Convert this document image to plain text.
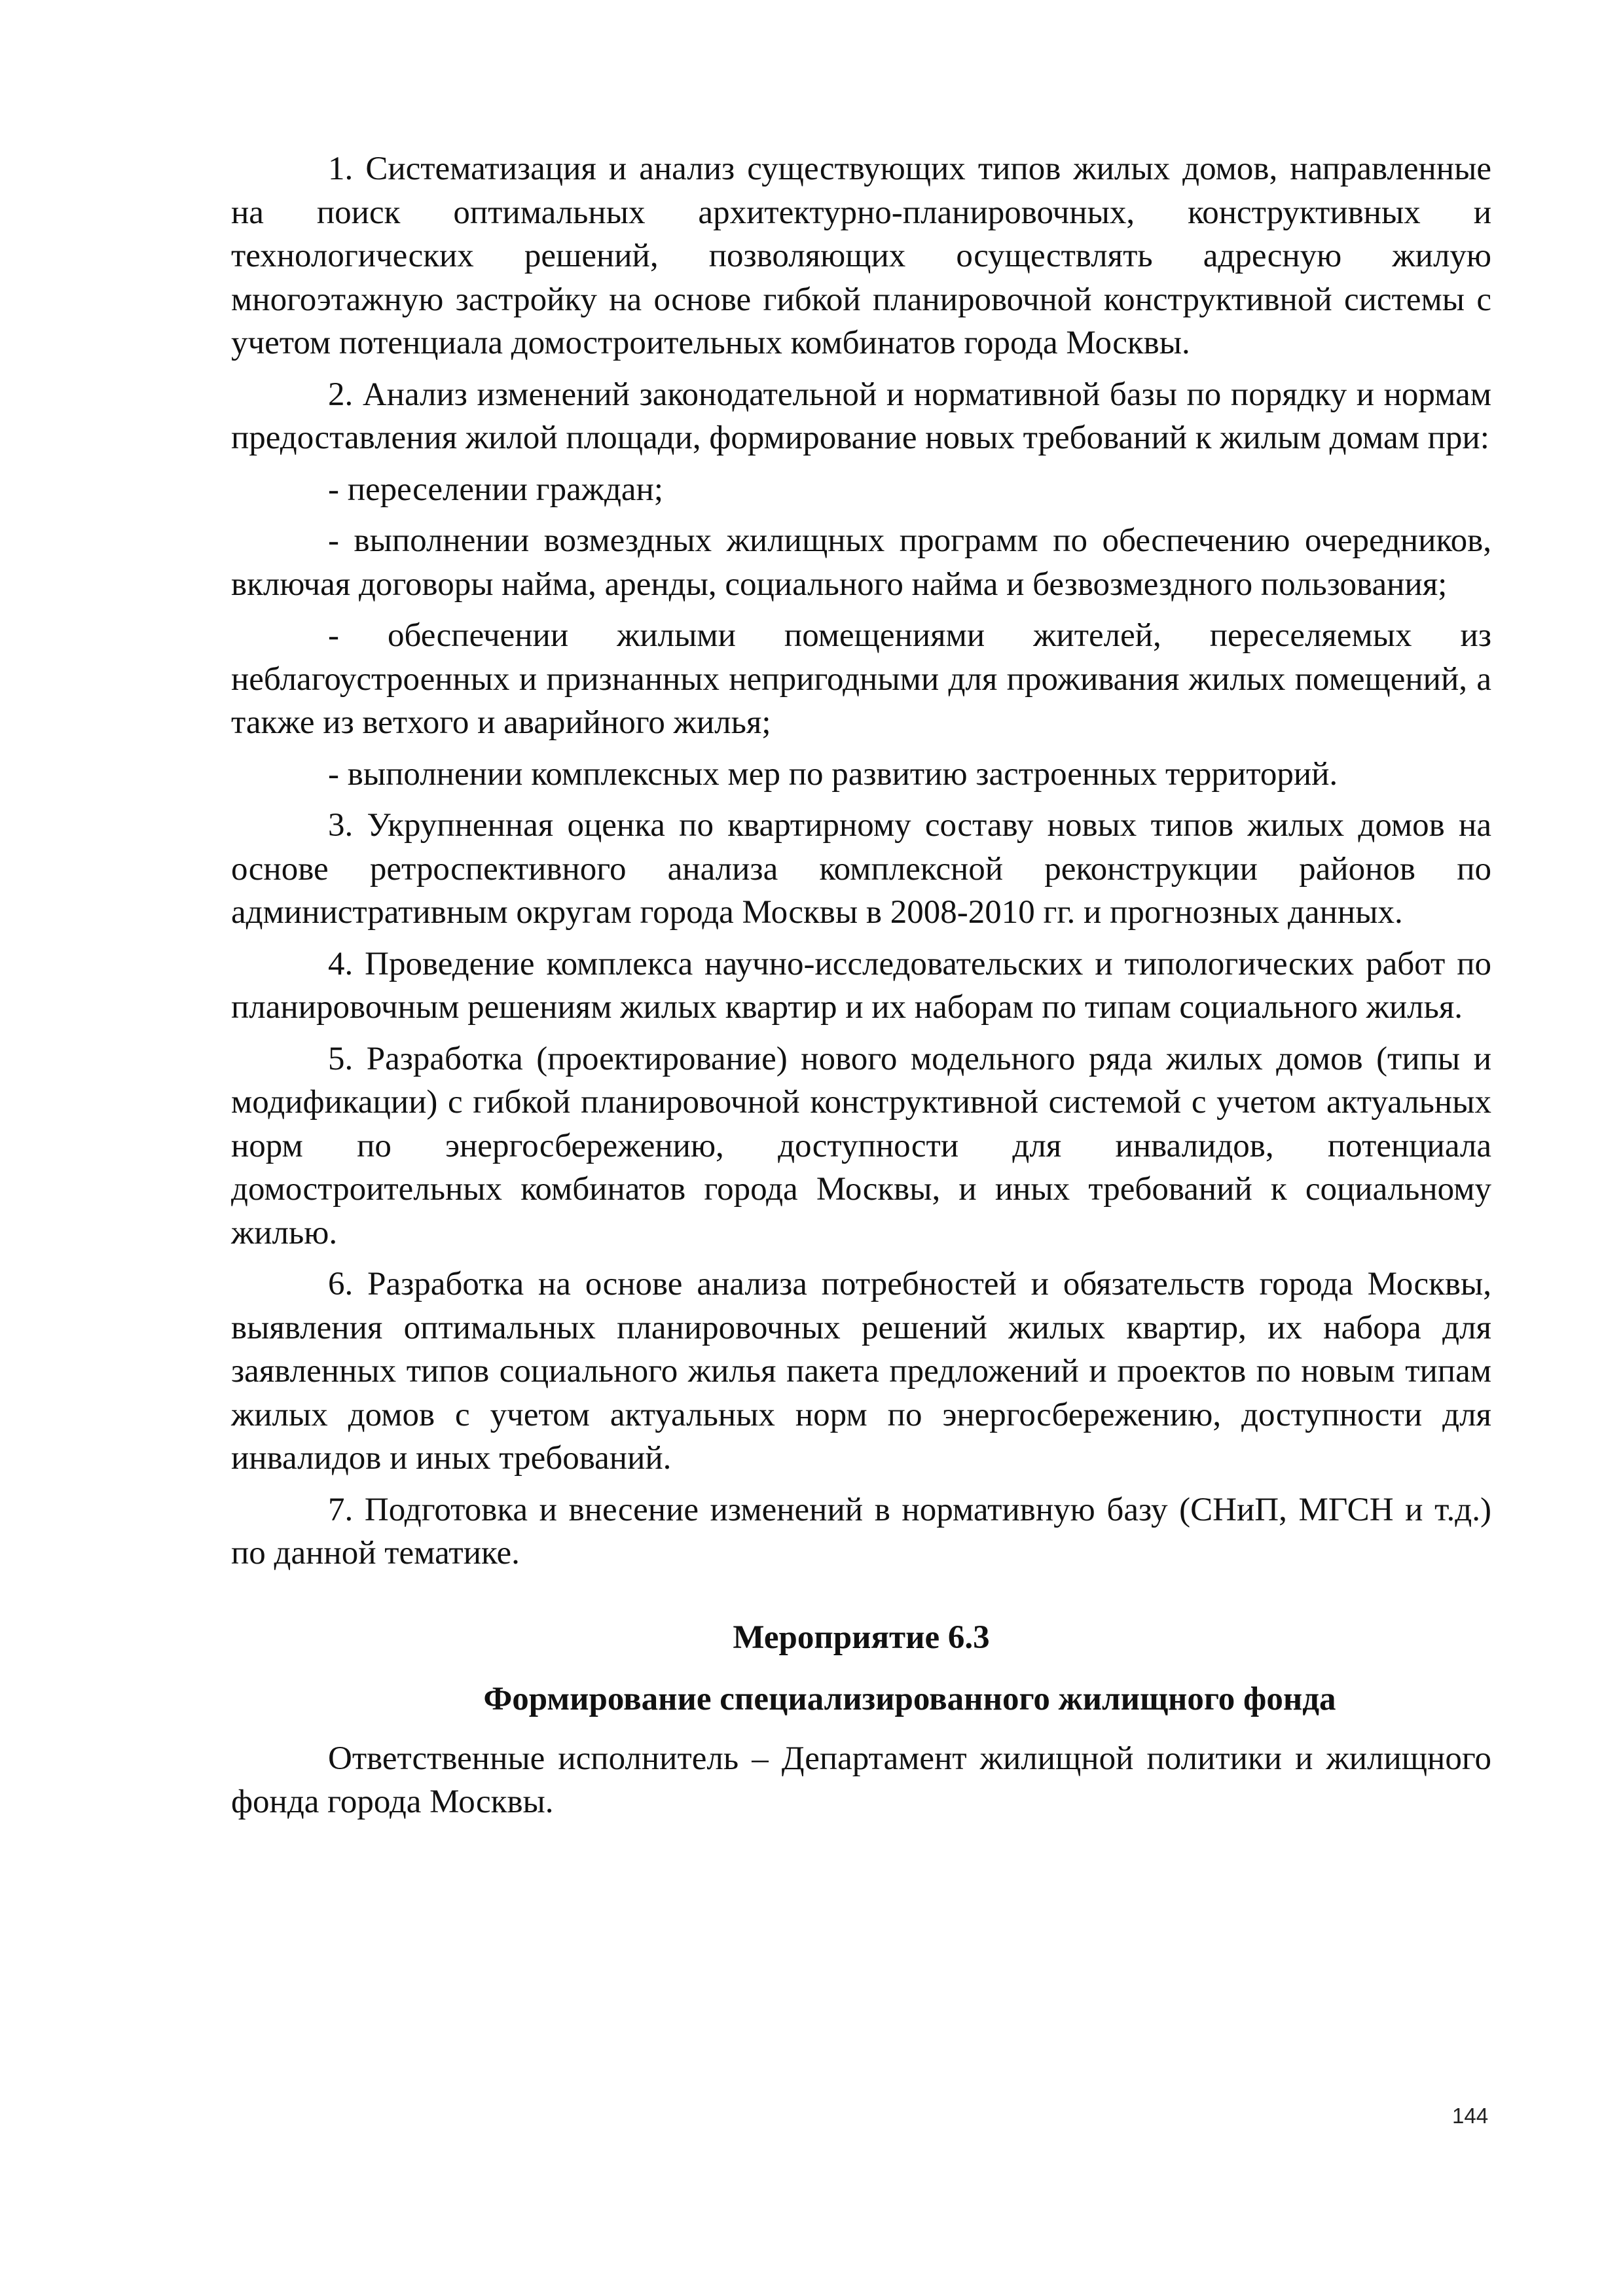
1. Систематизация и анализ существующих типов жилых домов, направленные на поиск оптимальных архитектурно-планировочных, конструктивных и технологических решений, позволяющих осуществлять адресную жилую многоэтажную застройку на основе гибкой планировочной конструктивной системы с учетом потенциала домостроительных комбинатов города Москвы.

2. Анализ изменений законодательной и нормативной базы по порядку и нормам предоставления жилой площади, формирование новых требований к жилым домам при:

- переселении граждан;

- выполнении возмездных жилищных программ по обеспечению очередников, включая договоры найма, аренды, социального найма и безвозмездного пользования;

- обеспечении жилыми помещениями жителей, переселяемых из неблагоустроенных и признанных непригодными для проживания жилых помещений, а также из ветхого и аварийного жилья;

- выполнении комплексных мер по развитию застроенных территорий.

3. Укрупненная оценка по квартирному составу новых типов жилых домов на основе ретроспективного анализа комплексной реконструкции районов по административным округам города Москвы в 2008-2010 гг. и прогнозных данных.

4. Проведение комплекса научно-исследовательских и типологических работ по планировочным решениям жилых квартир и их наборам по типам социального жилья.

5. Разработка (проектирование) нового модельного ряда жилых домов (типы и модификации) с гибкой планировочной конструктивной системой с учетом актуальных норм по энергосбережению, доступности для инвалидов, потенциала домостроительных комбинатов города Москвы, и иных требований к социальному жилью.

6. Разработка на основе анализа потребностей и обязательств города Москвы, выявления оптимальных планировочных решений жилых квартир, их набора для заявленных типов социального жилья пакета предложений и проектов по новым типам жилых домов с учетом актуальных норм по энергосбережению, доступности для инвалидов и иных требований.

7. Подготовка и внесение изменений в нормативную базу (СНиП, МГСН и т.д.) по данной тематике.

Мероприятие 6.3

Формирование специализированного жилищного фонда

Ответственные исполнитель – Департамент жилищной политики и жилищного фонда города Москвы.

144
